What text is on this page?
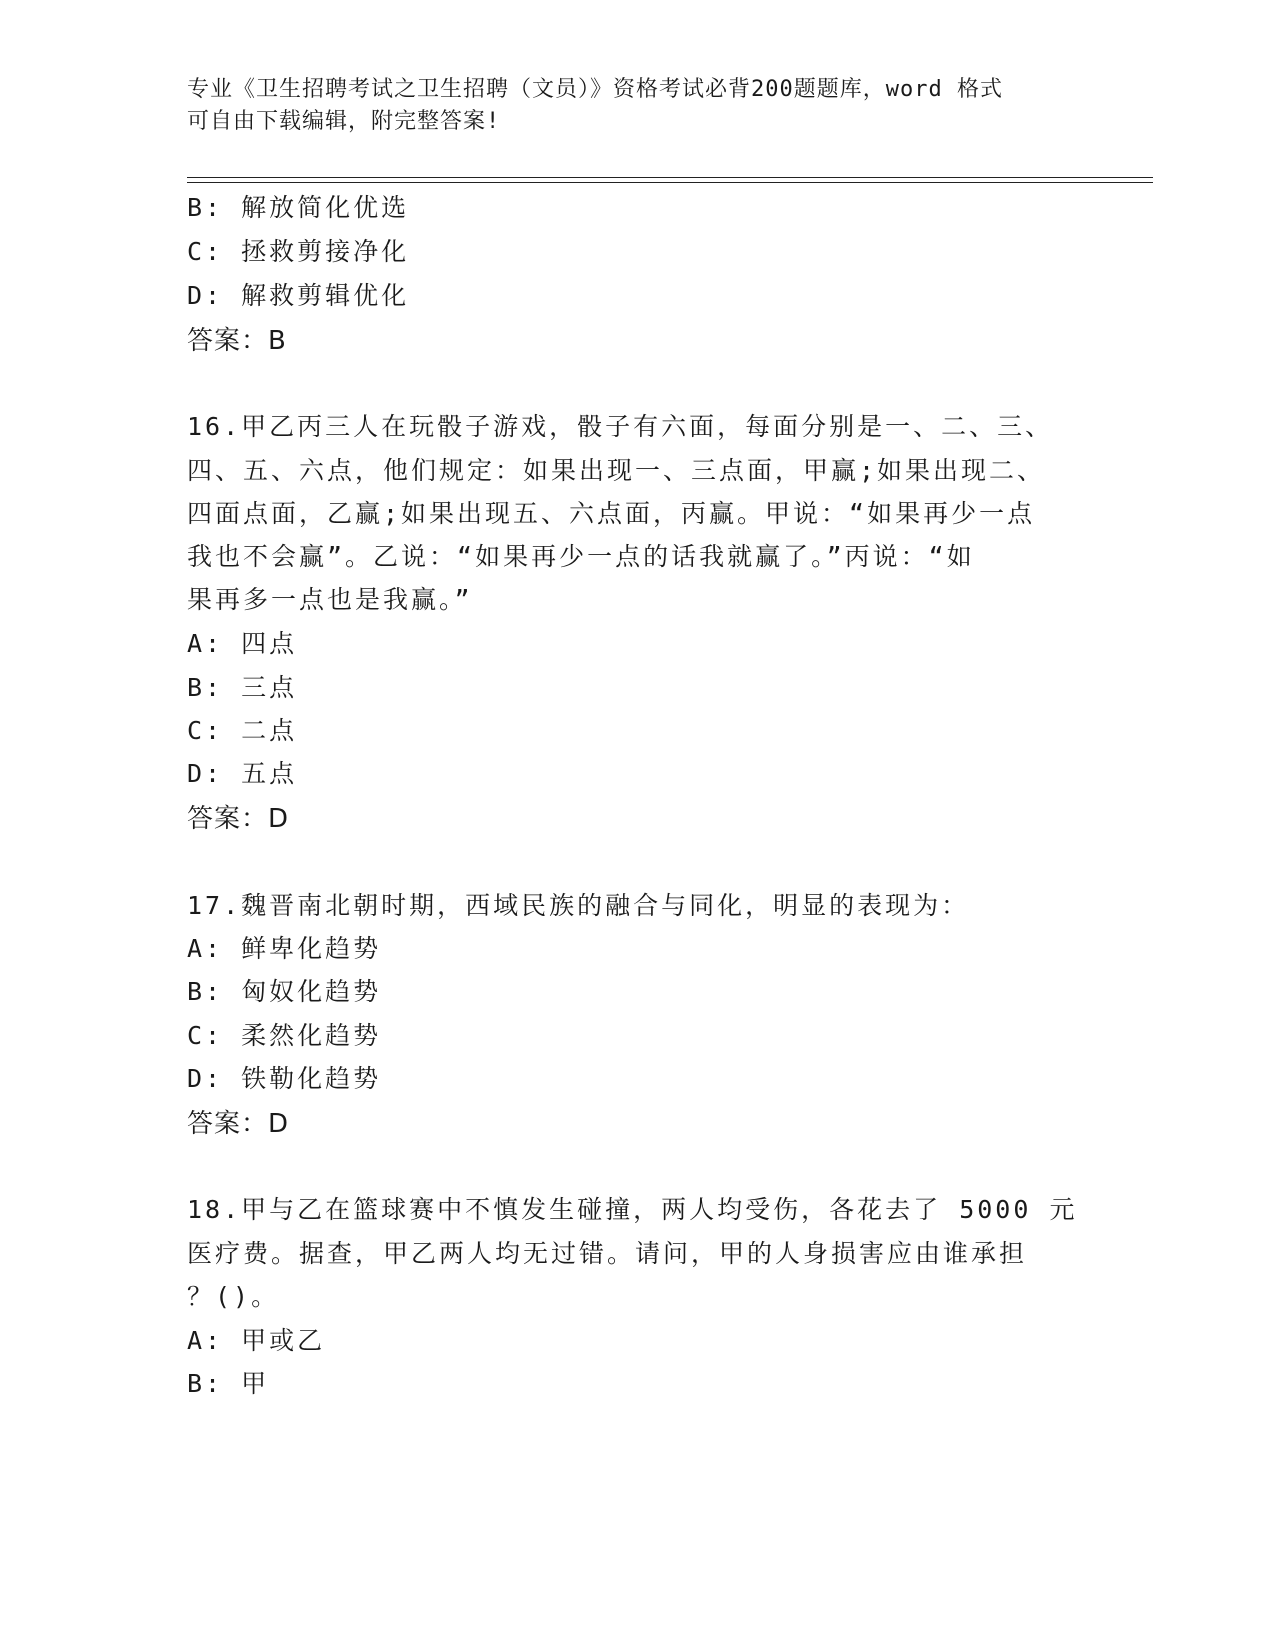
专业《卫生招聘考试之卫生招聘（文员）》资格考试必背200题题库，word 格式
可自由下载编辑，附完整答案!
B: 解放简化优选
C: 拯救剪接净化
D: 解救剪辑优化
答案：B
16.甲乙丙三人在玩骰子游戏，骰子有六面，每面分别是一、二、三、
四、五、六点，他们规定：如果出现一、三点面，甲赢;如果出现二、
四面点面，乙赢;如果出现五、六点面，丙赢。甲说：“如果再少一点
我也不会赢”。乙说：“如果再少一点的话我就赢了。”丙说：“如
果再多一点也是我赢。”
A: 四点
B: 三点
C: 二点
D: 五点
答案：D
17.魏晋南北朝时期，西域民族的融合与同化，明显的表现为：
A: 鲜卑化趋势
B: 匈奴化趋势
C: 柔然化趋势
D: 铁勒化趋势
答案：D
18.甲与乙在篮球赛中不慎发生碰撞，两人均受伤，各花去了 5000 元
医疗费。据查，甲乙两人均无过错。请问，甲的人身损害应由谁承担
？()。
A: 甲或乙
B: 甲
